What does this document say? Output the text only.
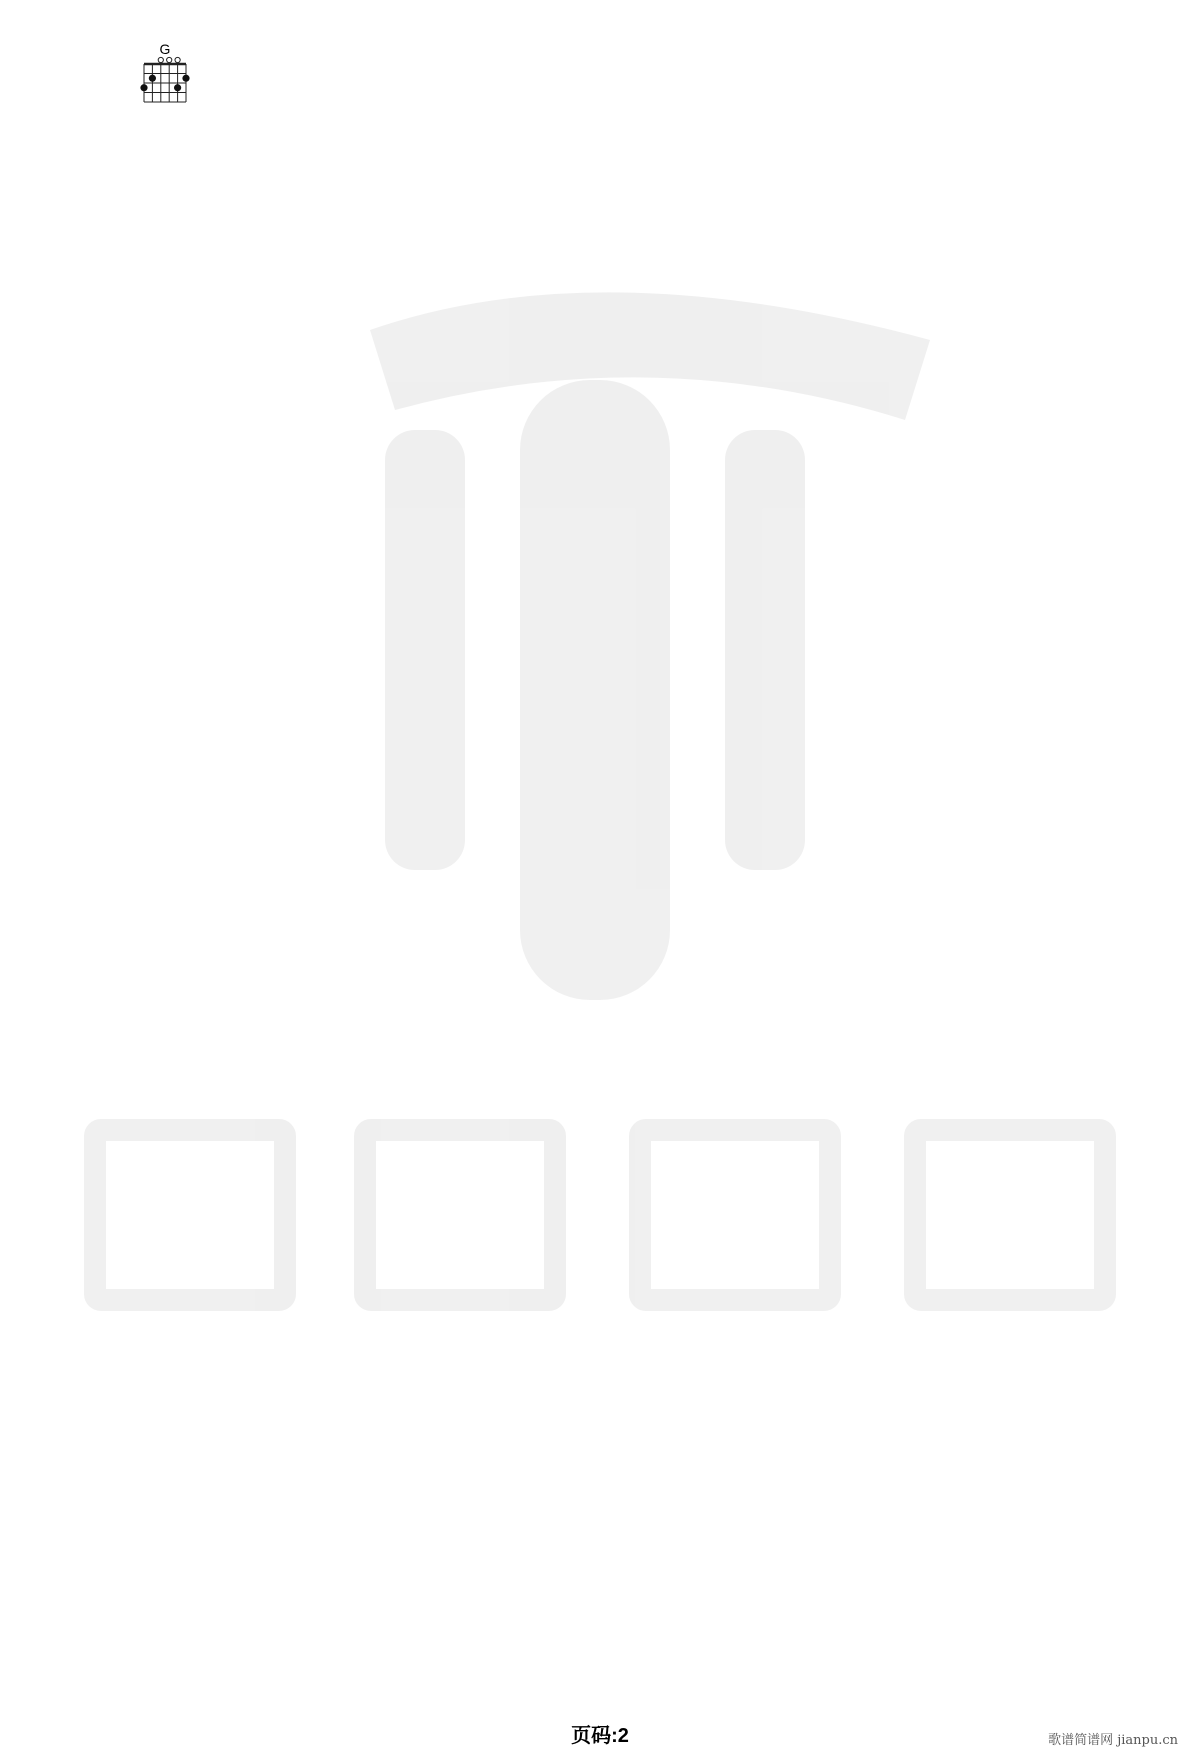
G
页码:2	歌谱简谱网 jianpu.cn
